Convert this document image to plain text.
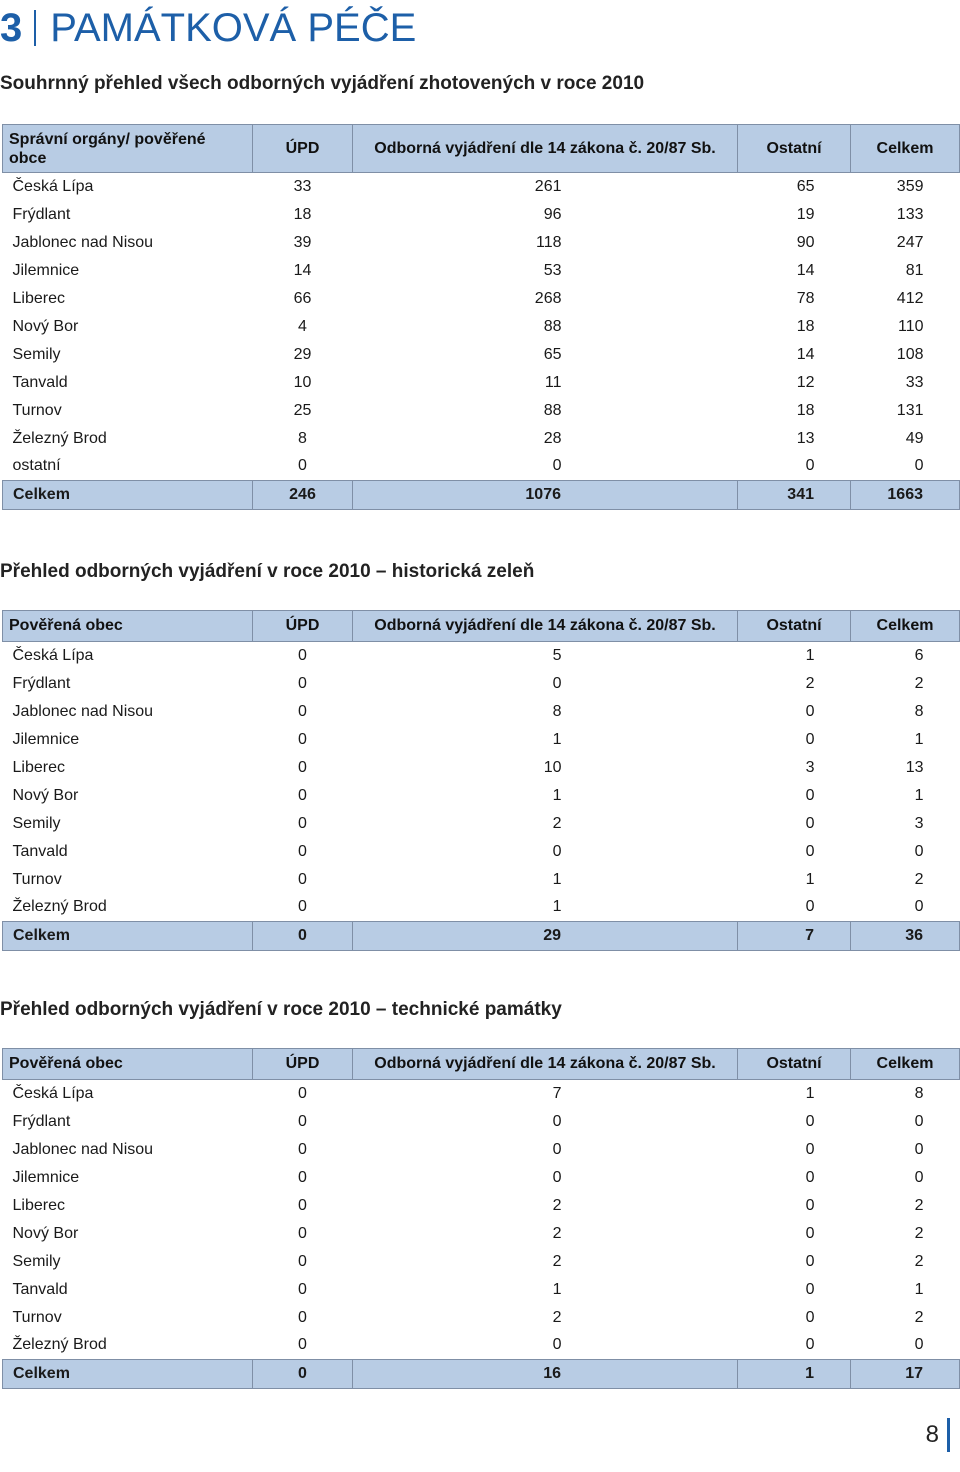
3 PAMÁTKOVÁ PÉČE
Souhrnný přehled všech odborných vyjádření zhotovených v roce 2010
Správní orgány/ pověřené obce	ÚPD	Odborná vyjádření dle 14 zákona č. 20/87 Sb.	Ostatní	Celkem
Česká Lípa	33	261	65	359
Frýdlant	18	96	19	133
Jablonec nad Nisou	39	118	90	247
Jilemnice	14	53	14	81
Liberec	66	268	78	412
Nový Bor	4	88	18	110
Semily	29	65	14	108
Tanvald	10	11	12	33
Turnov	25	88	18	131
Železný Brod	8	28	13	49
ostatní	0	0	0	0
Celkem	246	1076	341	1663
Přehled odborných vyjádření v roce 2010 – historická zeleň
Pověřená obec	ÚPD	Odborná vyjádření dle 14 zákona č. 20/87 Sb.	Ostatní	Celkem
Česká Lípa	0	5	1	6
Frýdlant	0	0	2	2
Jablonec nad Nisou	0	8	0	8
Jilemnice	0	1	0	1
Liberec	0	10	3	13
Nový Bor	0	1	0	1
Semily	0	2	0	3
Tanvald	0	0	0	0
Turnov	0	1	1	2
Železný Brod	0	1	0	0
Celkem	0	29	7	36
Přehled odborných vyjádření v roce 2010 – technické památky
Pověřená obec	ÚPD	Odborná vyjádření dle 14 zákona č. 20/87 Sb.	Ostatní	Celkem
Česká Lípa	0	7	1	8
Frýdlant	0	0	0	0
Jablonec nad Nisou	0	0	0	0
Jilemnice	0	0	0	0
Liberec	0	2	0	2
Nový Bor	0	2	0	2
Semily	0	2	0	2
Tanvald	0	1	0	1
Turnov	0	2	0	2
Železný Brod	0	0	0	0
Celkem	0	16	1	17
8
